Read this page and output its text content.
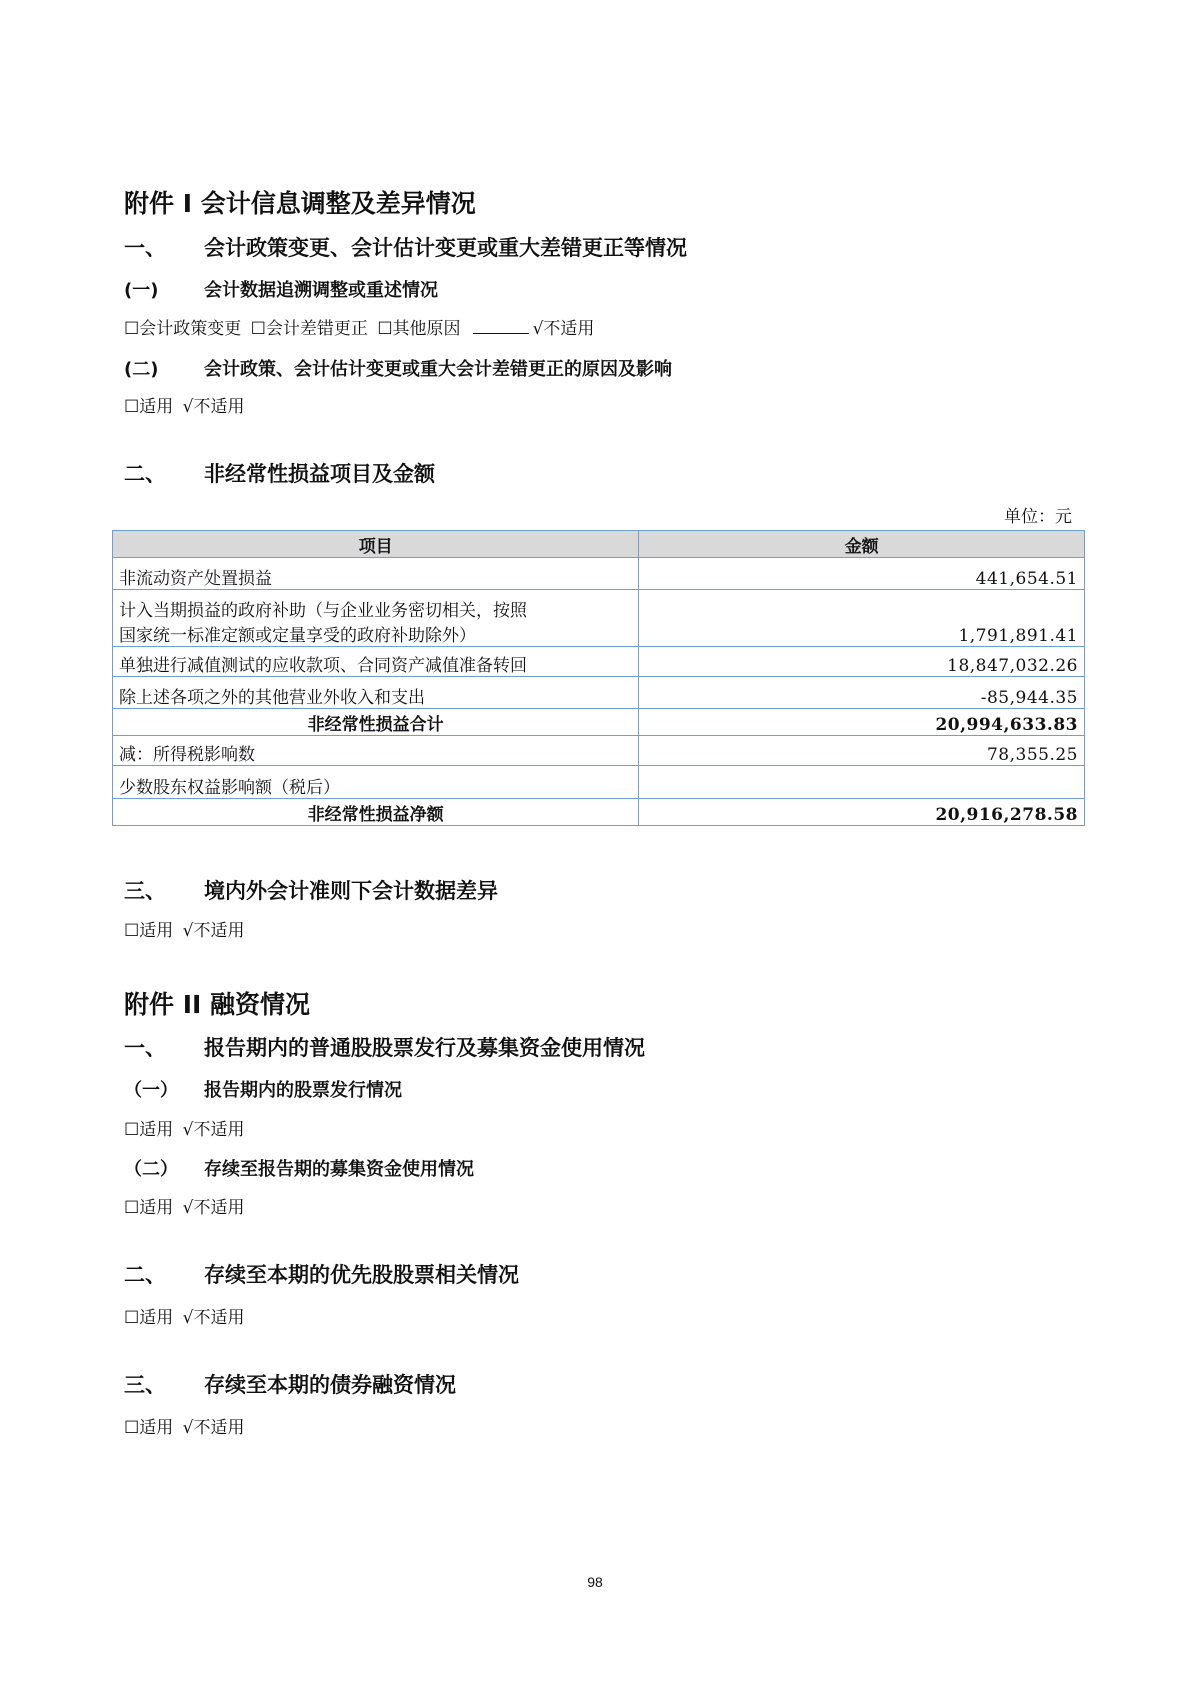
附件 I 会计信息调整及差异情况
一、 会计政策变更、会计估计变更或重大差错更正等情况
(一)	会计数据追溯调整或重述情况
☐会计政策变更 ☐会计差错更正 ☐其他原因	√不适用
(二)	会计政策、会计估计变更或重大会计差错更正的原因及影响
☐适用 √不适用
二、 非经常性损益项目及金额
单位：元
项目	金额
非流动资产处置损益	441,654.51

计入当期损益的政府补助（与企业业务密切相关，按照
国家统一标准定额或定量享受的政府补助除外）	1,791,891.41
单独进行减值测试的应收款项、合同资产减值准备转回	18,847,032.26
除上述各项之外的其他营业外收入和支出	-85,944.35
非经常性损益合计	20,994,633.83
减：所得税影响数	78,355.25
少数股东权益影响额（税后）	
非经常性损益净额	20,916,278.58
三、 境内外会计准则下会计数据差异
☐适用 √不适用
附件 II 融资情况
一、 报告期内的普通股股票发行及募集资金使用情况
（一） 报告期内的股票发行情况
☐适用 √不适用
（二） 存续至报告期的募集资金使用情况
☐适用 √不适用
二、 存续至本期的优先股股票相关情况
☐适用 √不适用
三、 存续至本期的债券融资情况
☐适用 √不适用
98
